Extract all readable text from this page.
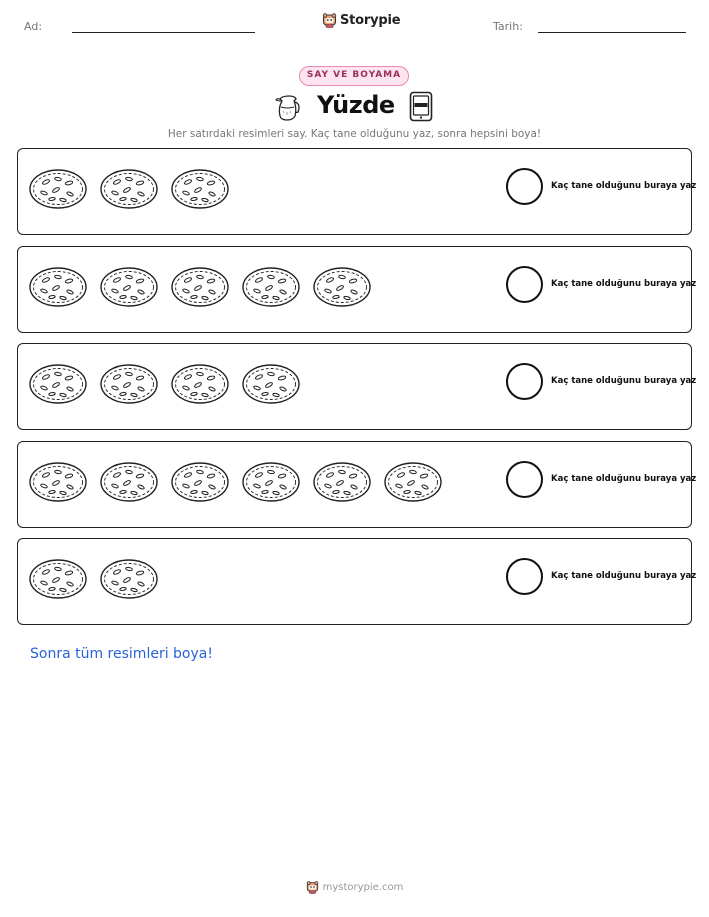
Ad:	Storypie	Tarih:
SAY VE BOYAMA
Yüzde
Her satırdaki resimleri say. Kaç tane olduğunu yaz, sonra hepsini boya!
Kaç tane olduğunu buraya yaz
Kaç tane olduğunu buraya yaz
Kaç tane olduğunu buraya yaz
Kaç tane olduğunu buraya yaz
Kaç tane olduğunu buraya yaz
Sonra tüm resimleri boya!
mystorypie.com
